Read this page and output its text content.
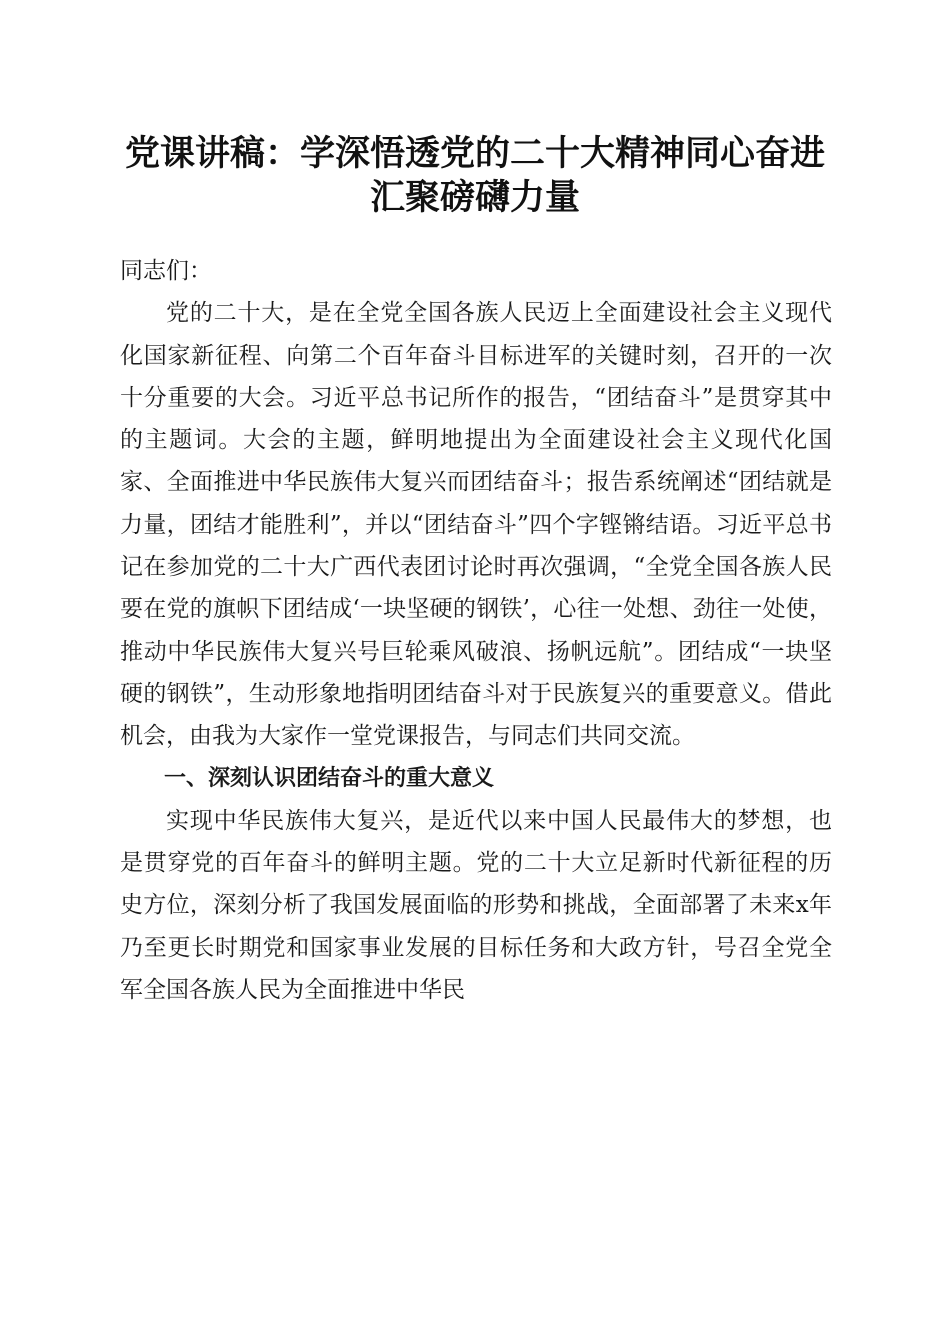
党课讲稿：学深悟透党的二十大精神同心奋进
汇聚磅礴力量

同志们：

党的二十大，是在全党全国各族人民迈上全面建设社会主义现代化国家新征程、向第二个百年奋斗目标进军的关键时刻，召开的一次十分重要的大会。习近平总书记所作的报告，“团结奋斗”是贯穿其中的主题词。大会的主题，鲜明地提出为全面建设社会主义现代化国家、全面推进中华民族伟大复兴而团结奋斗；报告系统阐述“团结就是力量，团结才能胜利”，并以“团结奋斗”四个字铿锵结语。习近平总书记在参加党的二十大广西代表团讨论时再次强调，“全党全国各族人民要在党的旗帜下团结成‘一块坚硬的钢铁’，心往一处想、劲往一处使，推动中华民族伟大复兴号巨轮乘风破浪、扬帆远航”。团结成“一块坚硬的钢铁”，生动形象地指明团结奋斗对于民族复兴的重要意义。借此机会，由我为大家作一堂党课报告，与同志们共同交流。

一、深刻认识团结奋斗的重大意义

实现中华民族伟大复兴，是近代以来中国人民最伟大的梦想，也是贯穿党的百年奋斗的鲜明主题。党的二十大立足新时代新征程的历史方位，深刻分析了我国发展面临的形势和挑战，全面部署了未来x年乃至更长时期党和国家事业发展的目标任务和大政方针，号召全党全军全国各族人民为全面推进中华民
